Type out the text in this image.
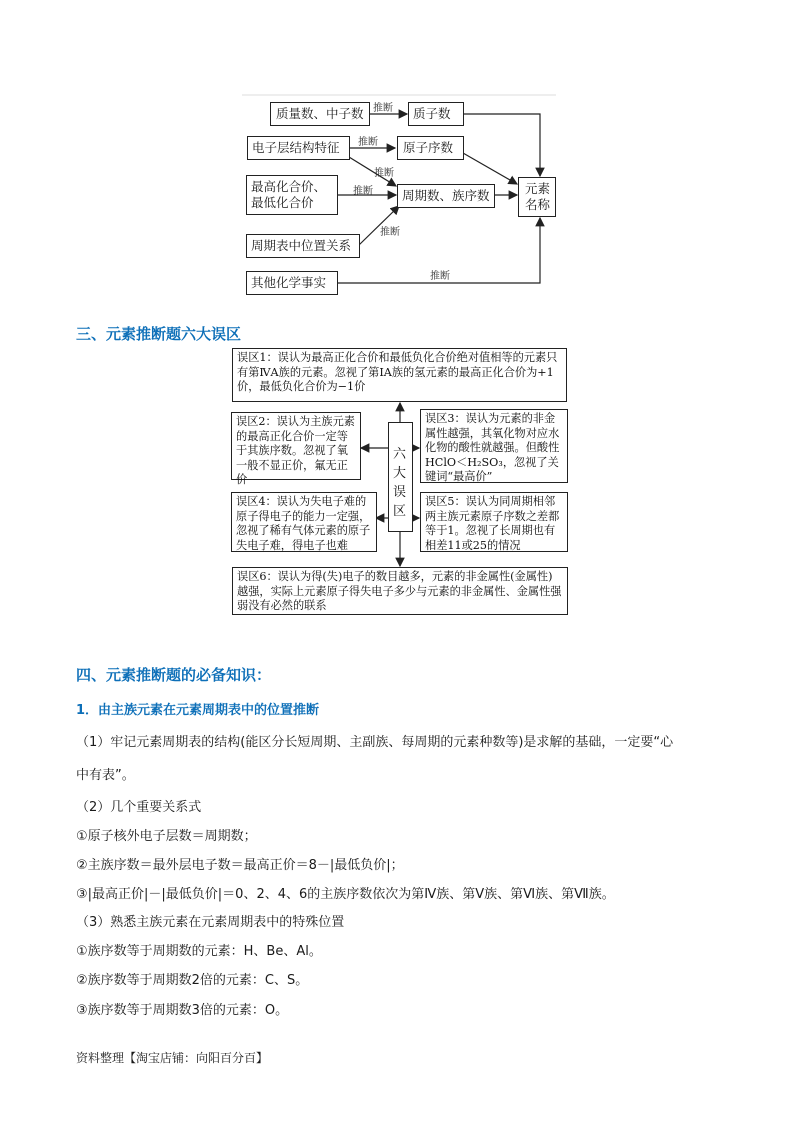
质量数、中子数	质子数
电子层结构特征	原子序数
最高化合价、最低化合价	周期数、族序数	元素名称
周期表中位置关系
其他化学事实
推断
推断
推断
推断
推断
推断
三、元素推断题六大误区
误区1：误认为最高正化合价和最低负化合价绝对值相等的元素只有第ⅣA族的元素。忽视了第IA族的氢元素的最高正化合价为+1价，最低负化合价为−1价
误区2：误认为主族元素的最高正化合价一定等于其族序数。忽视了氧一般不显正价，氟无正价
误区3：误认为元素的非金属性越强，其氧化物对应水化物的酸性就越强。但酸性HClO＜H₂SO₃，忽视了关键词“最高价”
误区4：误认为失电子难的原子得电子的能力一定强，忽视了稀有气体元素的原子失电子难，得电子也难
误区5：误认为同周期相邻两主族元素原子序数之差都等于1。忽视了长周期也有相差11或25的情况
误区6：误认为得(失)电子的数目越多，元素的非金属性(金属性)越强，实际上元素原子得失电子多少与元素的非金属性、金属性强弱没有必然的联系
六大误区
四、元素推断题的必备知识：
1．由主族元素在元素周期表中的位置推断
（1）牢记元素周期表的结构(能区分长短周期、主副族、每周期的元素种数等)是求解的基础，一定要“心
中有表”。
（2）几个重要关系式
①原子核外电子层数＝周期数；
②主族序数＝最外层电子数＝最高正价＝8－|最低负价|；
③|最高正价|－|最低负价|＝0、2、4、6的主族序数依次为第Ⅳ族、第Ⅴ族、第Ⅵ族、第Ⅶ族。
（3）熟悉主族元素在元素周期表中的特殊位置
①族序数等于周期数的元素：H、Be、Al。
②族序数等于周期数2倍的元素：C、S。
③族序数等于周期数3倍的元素：O。
资料整理【淘宝店铺：向阳百分百】
